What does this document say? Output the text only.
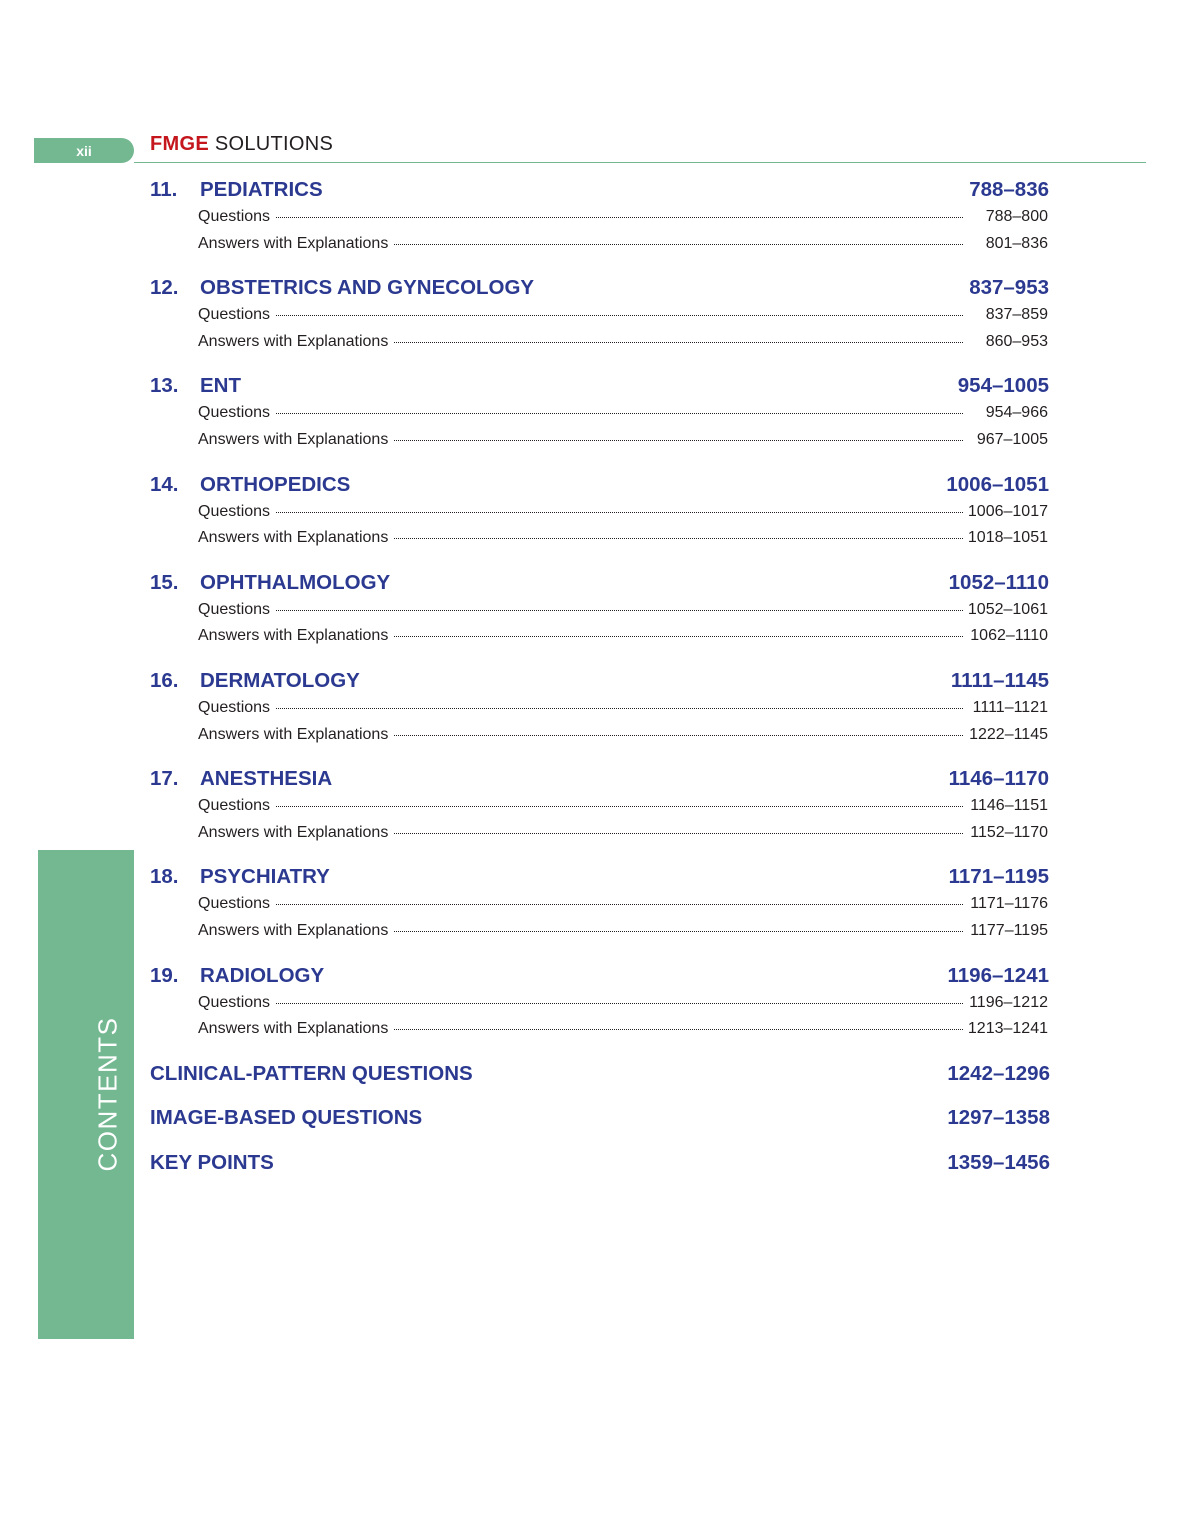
xii	FMGE SOLUTIONS
CONTENTS
11. PEDIATRICS	788–836
Questions	788–800
Answers with Explanations	801–836
12. OBSTETRICS AND GYNECOLOGY	837–953
Questions	837–859
Answers with Explanations	860–953
13. ENT	954–1005
Questions	954–966
Answers with Explanations	967–1005
14. ORTHOPEDICS	1006–1051
Questions	1006–1017
Answers with Explanations	1018–1051
15. OPHTHALMOLOGY	1052–1110
Questions	1052–1061
Answers with Explanations	1062–1110
16. DERMATOLOGY	1111–1145
Questions	1111–1121
Answers with Explanations	1222–1145
17. ANESTHESIA	1146–1170
Questions	1146–1151
Answers with Explanations	1152–1170
18. PSYCHIATRY	1171–1195
Questions	1171–1176
Answers with Explanations	1177–1195
19. RADIOLOGY	1196–1241
Questions	1196–1212
Answers with Explanations	1213–1241
CLINICAL-PATTERN QUESTIONS	1242–1296
IMAGE-BASED QUESTIONS	1297–1358
KEY POINTS	1359–1456
